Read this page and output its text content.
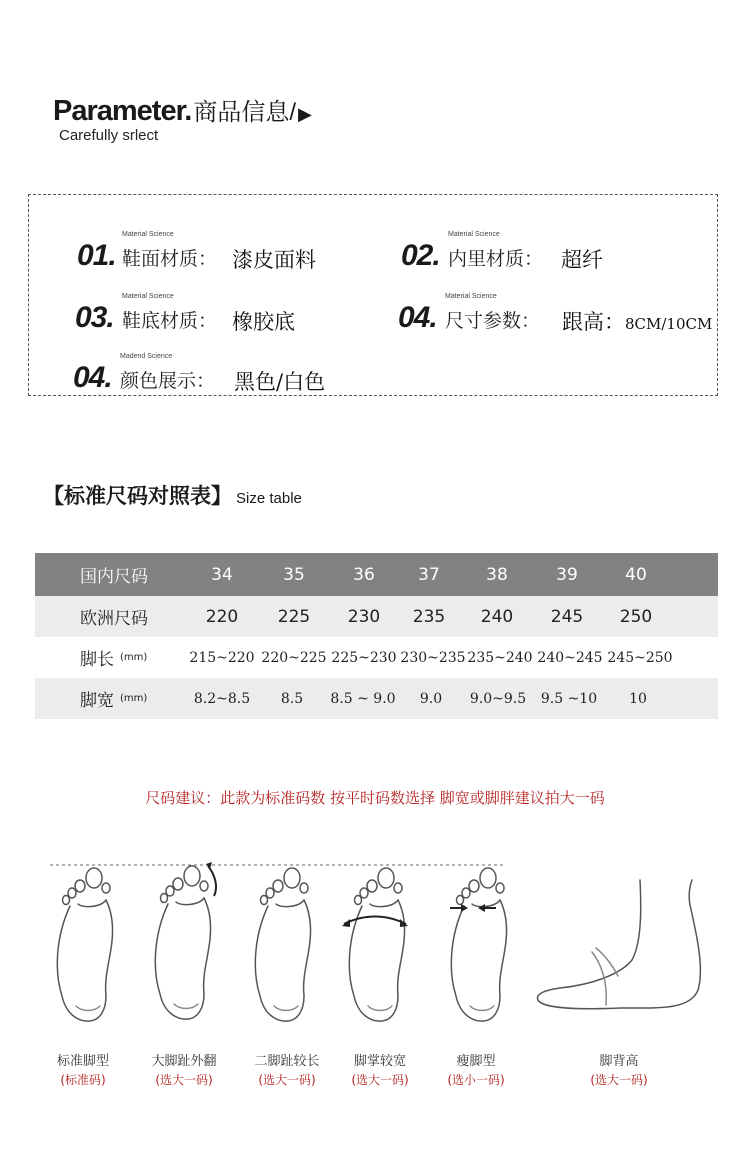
Parameter.商品信息/ ▶
Carefully srlect
01.
Material Science
鞋面材质： 漆皮面料	02.
Material Science
内里材质： 超纤
03.
Material Science
鞋底材质： 橡胶底	04.
Material Science
尺寸参数： 跟高：8CM/10CM
04.
Madend Science
颜色展示： 黑色/白色
【标准尺码对照表】 Size table
国内尺码	34	35	36	37	38	39	40
欧洲尺码	220	225	230	235	240	245	250
脚长 (mm)	215~220 220~225 225~230 230~235 235~240 240~245 245~250
脚宽 (mm)	8.2~8.5	8.5	8.5 ~ 9.0	9.0	9.0~9.5	9.5 ~10	10
尺码建议：此款为标准码数 按平时码数选择 脚宽或脚胖建议拍大一码
标准脚型
(标准码)
大脚趾外翻
(选大一码)
二脚趾较长
(选大一码)
脚掌较宽
(选大一码)
瘦脚型
(选小一码)
脚背高
(选大一码)
